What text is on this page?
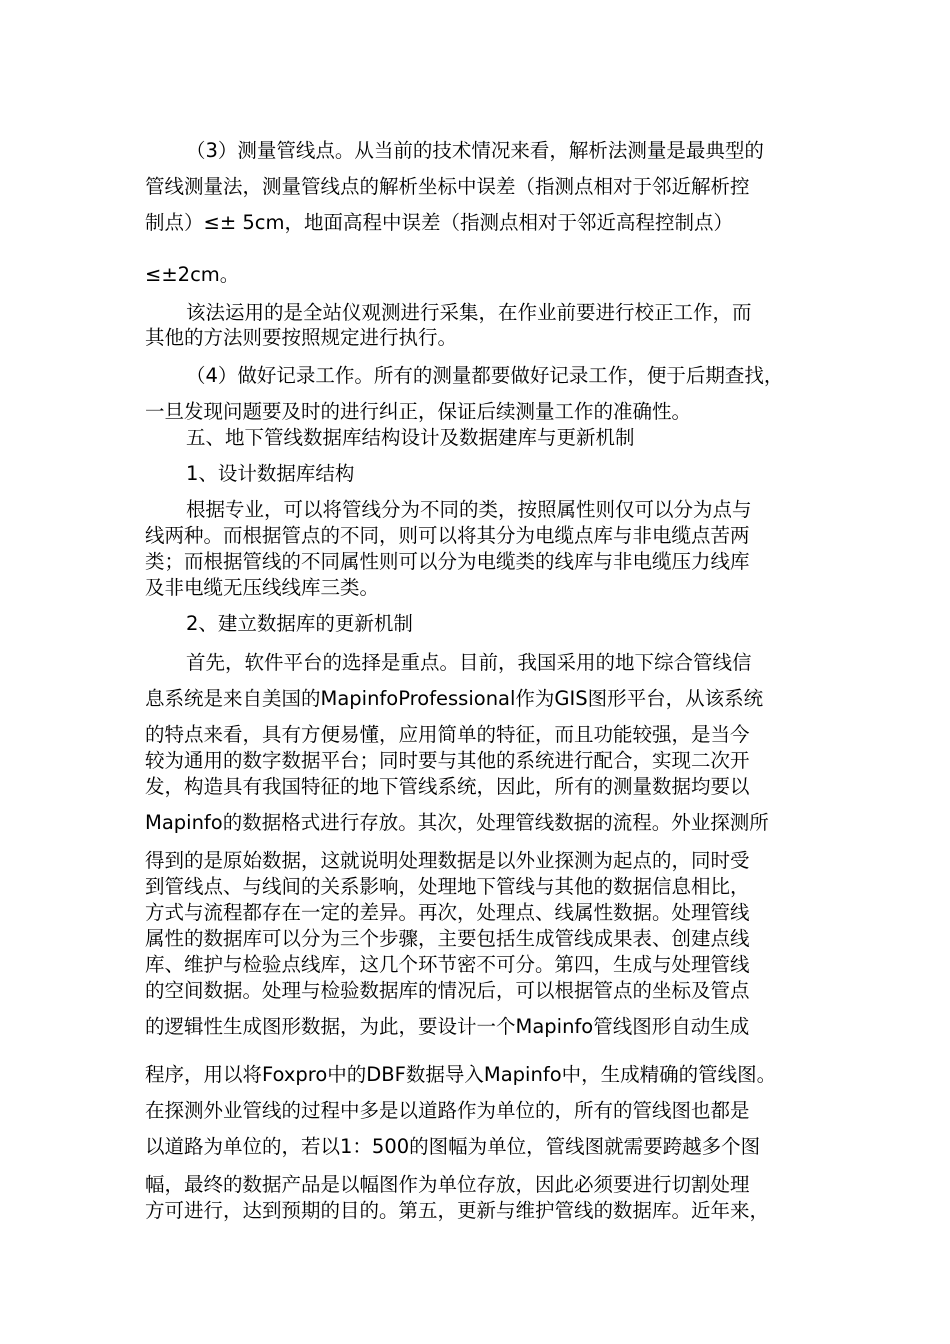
（3）测量管线点。从当前的技术情况来看，解析法测量是最典型的
管线测量法，测量管线点的解析坐标中误差（指测点相对于邻近解析控
制点）≤± 5cm，地面高程中误差（指测点相对于邻近高程控制点）
≤±2cm。
该法运用的是全站仪观测进行采集，在作业前要进行校正工作，而
其他的方法则要按照规定进行执行。
（4）做好记录工作。所有的测量都要做好记录工作，便于后期查找，
一旦发现问题要及时的进行纠正，保证后续测量工作的准确性。
五、地下管线数据库结构设计及数据建库与更新机制
1、设计数据库结构
根据专业，可以将管线分为不同的类，按照属性则仅可以分为点与
线两种。而根据管点的不同，则可以将其分为电缆点库与非电缆点苦两
类；而根据管线的不同属性则可以分为电缆类的线库与非电缆压力线库
及非电缆无压线线库三类。
2、建立数据库的更新机制
首先，软件平台的选择是重点。目前，我国采用的地下综合管线信
息系统是来自美国的MapinfoProfessional作为GIS图形平台，从该系统
的特点来看，具有方便易懂，应用简单的特征，而且功能较强，是当今
较为通用的数字数据平台；同时要与其他的系统进行配合，实现二次开
发，构造具有我国特征的地下管线系统，因此，所有的测量数据均要以
Mapinfo的数据格式进行存放。其次，处理管线数据的流程。外业探测所
得到的是原始数据，这就说明处理数据是以外业探测为起点的，同时受
到管线点、与线间的关系影响，处理地下管线与其他的数据信息相比，
方式与流程都存在一定的差异。再次，处理点、线属性数据。处理管线
属性的数据库可以分为三个步骤，主要包括生成管线成果表、创建点线
库、维护与检验点线库，这几个环节密不可分。第四，生成与处理管线
的空间数据。处理与检验数据库的情况后，可以根据管点的坐标及管点
的逻辑性生成图形数据，为此，要设计一个Mapinfo管线图形自动生成
程序，用以将Foxpro中的DBF数据导入Mapinfo中，生成精确的管线图。
在探测外业管线的过程中多是以道路作为单位的，所有的管线图也都是
以道路为单位的，若以1：500的图幅为单位，管线图就需要跨越多个图
幅，最终的数据产品是以幅图作为单位存放，因此必须要进行切割处理
方可进行，达到预期的目的。第五，更新与维护管线的数据库。近年来，
